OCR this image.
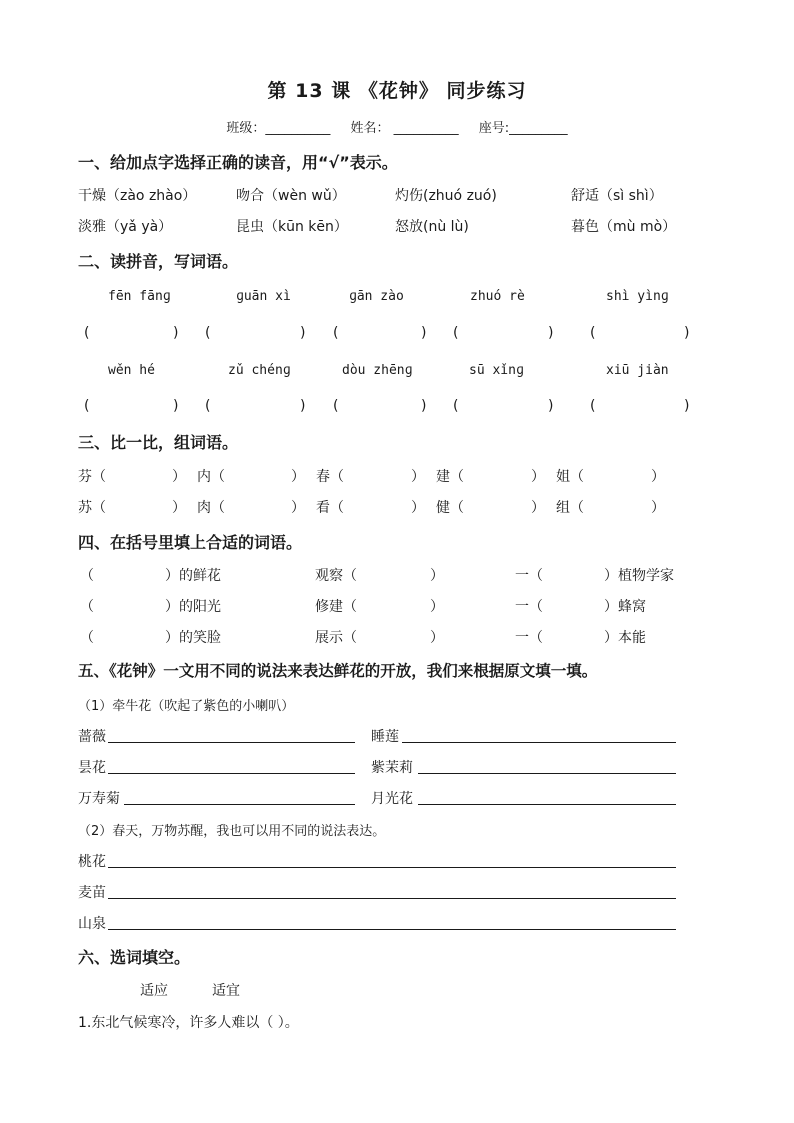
第 13 课 《花钟》 同步练习
班级：__________ 姓名： __________ 座号:_________
一、给加点字选择正确的读音，用“√”表示。
干燥（zào zhào）	吻合（wèn wǔ）	灼伤(zhuó zuó)	舒适（sì shì）
淡雅（yǎ yà）	昆虫（kūn kēn）	怒放(nù lù)	暮色（mù mò）
二、读拼音，写词语。
fēn fānɡ	ɡuān xì	ɡān zào	zhuó rè	shì yìnɡ
(	) (	) (	) (	)	(	)
wěn hé	zǔ chénɡ	dòu zhēnɡ	sū xǐnɡ	xiū jiàn
(	) (	) (	) (	)	(	)
三、比一比，组词语。
芬（	） 内（	） 春（	） 建（	） 姐（	）
苏（	） 肉（	） 看（	） 健（	） 组（	）
四、在括号里填上合适的词语。
（	）的鲜花	观察（	）	一（	）植物学家
（	）的阳光	修建（	）	一（	）蜂窝
（	）的笑脸	展示（	）	一（	）本能
五、《花钟》一文用不同的说法来表达鲜花的开放，我们来根据原文填一填。
（1）牵牛花（吹起了紫色的小喇叭）
蔷薇	睡莲
昙花	紫茉莉
万寿菊	月光花
（2）春天，万物苏醒，我也可以用不同的说法表达。
桃花
麦苗
山泉
六、选词填空。
适应	适宜
1.东北气候寒冷，许多人难以（ ）。
